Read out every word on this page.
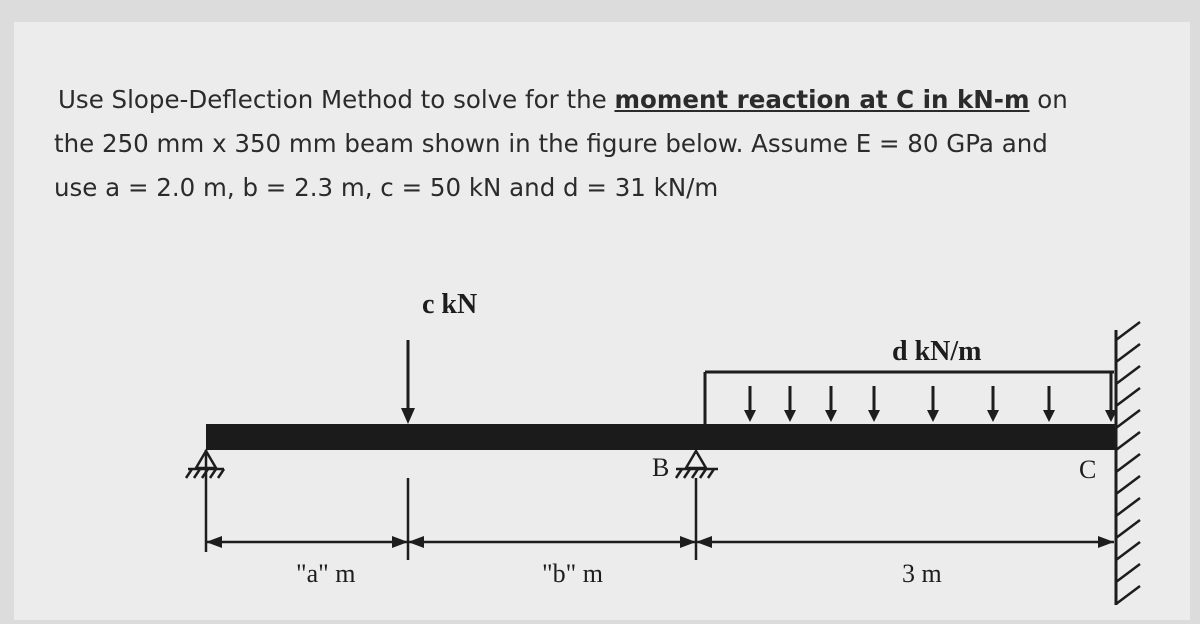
Use Slope-Deflection Method to solve for the moment reaction at C in kN-m on
the 250 mm x 350 mm beam shown in the figure below. Assume E = 80 GPa and
use a = 2.0 m, b = 2.3 m, c = 50 kN and d = 31 kN/m
c kN
d kN/m
B	C
"a" m	"b" m	3 m
